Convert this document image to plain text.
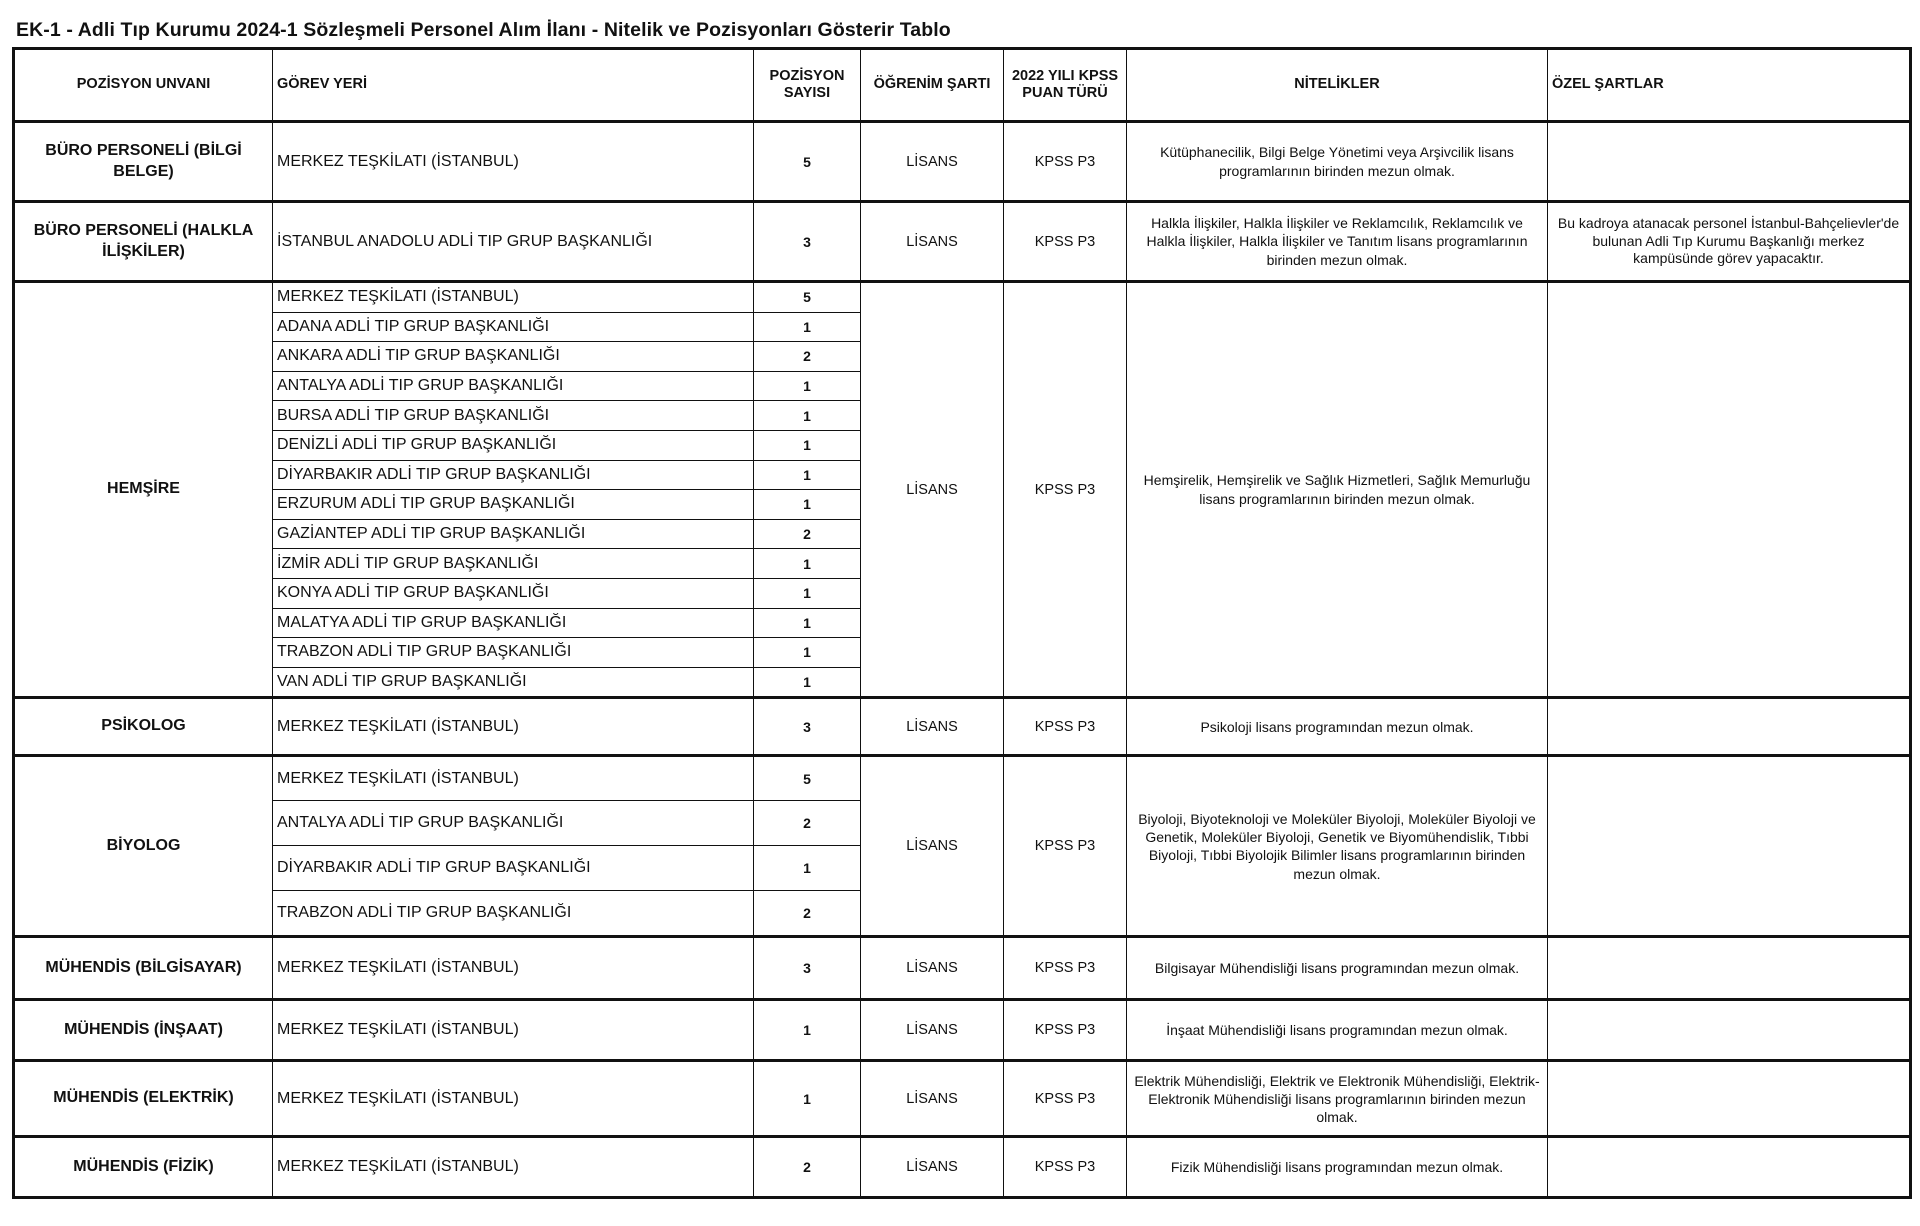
EK-1 - Adli Tıp Kurumu 2024-1 Sözleşmeli Personel Alım İlanı - Nitelik ve Pozisyonları Gösterir Tablo
POZİSYON UNVANI	GÖREV YERİ	POZİSYON SAYISI	ÖĞRENİM ŞARTI	2022 YILI KPSS PUAN TÜRÜ	NİTELİKLER	ÖZEL ŞARTLAR
BÜRO PERSONELİ (BİLGİ BELGE)	MERKEZ TEŞKİLATI (İSTANBUL)	5	LİSANS	KPSS P3	Kütüphanecilik, Bilgi Belge Yönetimi veya Arşivcilik lisans programlarının birinden mezun olmak.	
BÜRO PERSONELİ (HALKLA İLİŞKİLER)	İSTANBUL ANADOLU ADLİ TIP GRUP BAŞKANLIĞI	3	LİSANS	KPSS P3	Halkla İlişkiler, Halkla İlişkiler ve Reklamcılık, Reklamcılık ve Halkla İlişkiler, Halkla İlişkiler ve Tanıtım lisans programlarının birinden mezun olmak.	Bu kadroya atanacak personel İstanbul-Bahçelievler'de bulunan Adli Tıp Kurumu Başkanlığı merkez kampüsünde görev yapacaktır.
HEMŞİRE	MERKEZ TEŞKİLATI (İSTANBUL)	5	LİSANS	KPSS P3	Hemşirelik, Hemşirelik ve Sağlık Hizmetleri, Sağlık Memurluğu lisans programlarının birinden mezun olmak.	
	ADANA ADLİ TIP GRUP BAŞKANLIĞI	1				
	ANKARA ADLİ TIP GRUP BAŞKANLIĞI	2				
	ANTALYA ADLİ TIP GRUP BAŞKANLIĞI	1				
	BURSA ADLİ TIP GRUP BAŞKANLIĞI	1				
	DENİZLİ ADLİ TIP GRUP BAŞKANLIĞI	1				
	DİYARBAKIR ADLİ TIP GRUP BAŞKANLIĞI	1				
	ERZURUM ADLİ TIP GRUP BAŞKANLIĞI	1				
	GAZİANTEP ADLİ TIP GRUP BAŞKANLIĞI	2				
	İZMİR ADLİ TIP GRUP BAŞKANLIĞI	1				
	KONYA ADLİ TIP GRUP BAŞKANLIĞI	1				
	MALATYA ADLİ TIP GRUP BAŞKANLIĞI	1				
	TRABZON ADLİ TIP GRUP BAŞKANLIĞI	1				
	VAN ADLİ TIP GRUP BAŞKANLIĞI	1				
PSİKOLOG	MERKEZ TEŞKİLATI (İSTANBUL)	3	LİSANS	KPSS P3	Psikoloji lisans programından mezun olmak.	
BİYOLOG	MERKEZ TEŞKİLATI (İSTANBUL)	5	LİSANS	KPSS P3	Biyoloji, Biyoteknoloji ve Moleküler Biyoloji, Moleküler Biyoloji ve Genetik, Moleküler Biyoloji, Genetik ve Biyomühendislik, Tıbbi Biyoloji, Tıbbi Biyolojik Bilimler lisans programlarının birinden mezun olmak.	
	ANTALYA ADLİ TIP GRUP BAŞKANLIĞI	2				
	DİYARBAKIR ADLİ TIP GRUP BAŞKANLIĞI	1				
	TRABZON ADLİ TIP GRUP BAŞKANLIĞI	2				
MÜHENDİS (BİLGİSAYAR)	MERKEZ TEŞKİLATI (İSTANBUL)	3	LİSANS	KPSS P3	Bilgisayar Mühendisliği lisans programından mezun olmak.	
MÜHENDİS (İNŞAAT)	MERKEZ TEŞKİLATI (İSTANBUL)	1	LİSANS	KPSS P3	İnşaat Mühendisliği lisans programından mezun olmak.	
MÜHENDİS (ELEKTRİK)	MERKEZ TEŞKİLATI (İSTANBUL)	1	LİSANS	KPSS P3	Elektrik Mühendisliği, Elektrik ve Elektronik Mühendisliği, Elektrik-Elektronik Mühendisliği lisans programlarının birinden mezun olmak.	
MÜHENDİS (FİZİK)	MERKEZ TEŞKİLATI (İSTANBUL)	2	LİSANS	KPSS P3	Fizik Mühendisliği lisans programından mezun olmak.	
